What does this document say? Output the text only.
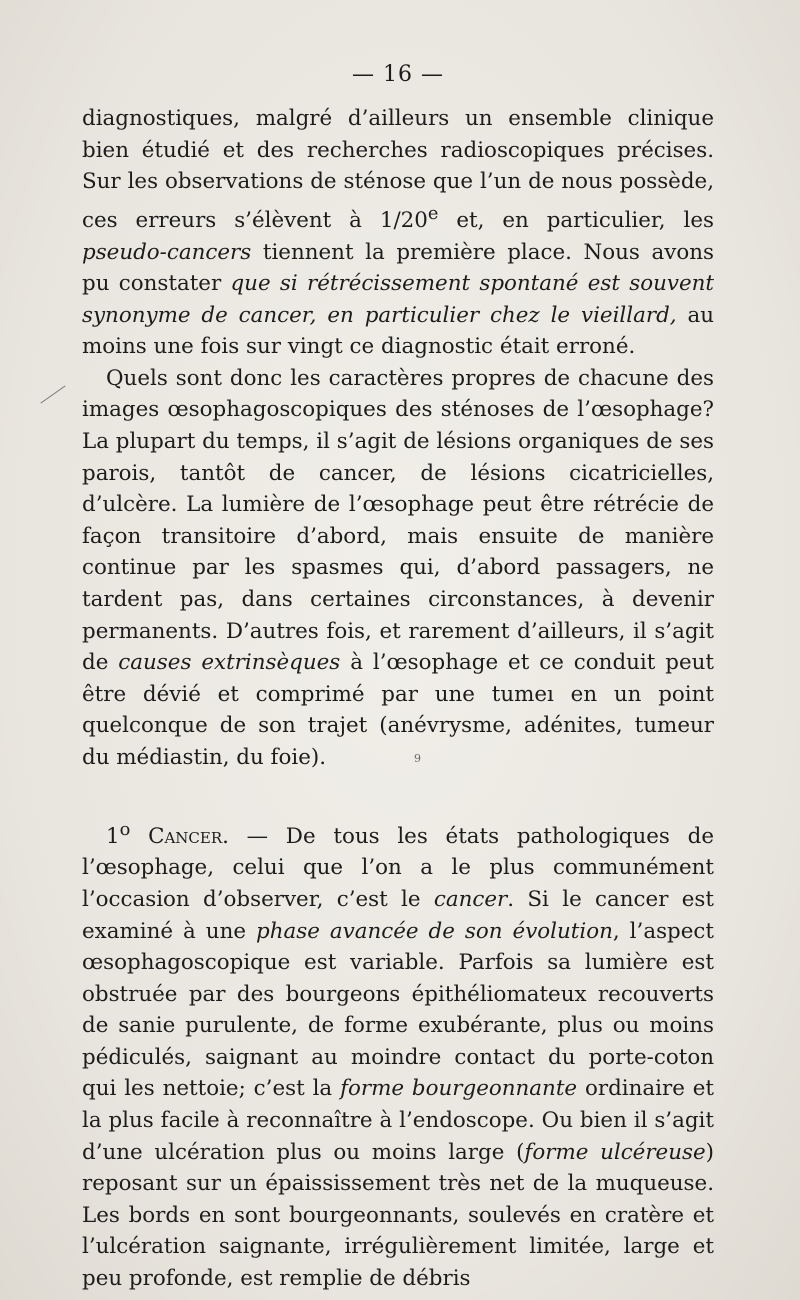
— 16 —

diagnostiques, malgré d’ailleurs un ensemble clinique bien étudié et des recherches radioscopiques précises. Sur les observations de sténose que l’un de nous possède, ces erreurs s’élèvent à 1/20e et, en particulier, les pseudo-cancers tiennent la première place. Nous avons pu constater que si rétrécissement spontané est souvent synonyme de cancer, en particulier chez le vieillard, au moins une fois sur vingt ce diagnostic était erroné.

Quels sont donc les caractères propres de chacune des images œsophagoscopiques des sténoses de l’œsophage? La plupart du temps, il s’agit de lésions organiques de ses parois, tantôt de cancer, de lésions cicatricielles, d’ulcère. La lumière de l’œsophage peut être rétrécie de façon transitoire d’abord, mais ensuite de manière continue par les spasmes qui, d’abord passagers, ne tardent pas, dans certaines circonstances, à devenir permanents. D’autres fois, et rarement d’ailleurs, il s’agit de causes extrinsèques à l’œsophage et ce conduit peut être dévié et comprimé par une tumeı en un point quelconque de son trajet (anévrysme, adénites, tumeur du médiastin, du foie).

1$^o$ Cancer. — De tous les états pathologiques de l’œsophage, celui que l’on a le plus communément l’occasion d’observer, c’est le cancer. Si le cancer est examiné à une phase avancée de son évolution, l’aspect œsophagoscopique est variable. Parfois sa lumière est obstruée par des bourgeons épithéliomateux recouverts de sanie purulente, de forme exubérante, plus ou moins pédiculés, saignant au moindre contact du porte-coton qui les nettoie; c’est la forme bourgeonnante ordinaire et la plus facile à reconnaître à l’endoscope. Ou bien il s’agit d’une ulcération plus ou moins large (forme ulcéreuse) reposant sur un épaississement très net de la muqueuse. Les bords en sont bourgeonnants, soulevés en cratère et l’ulcération saignante, irrégulièrement limitée, large et peu profonde, est remplie de débris

9
